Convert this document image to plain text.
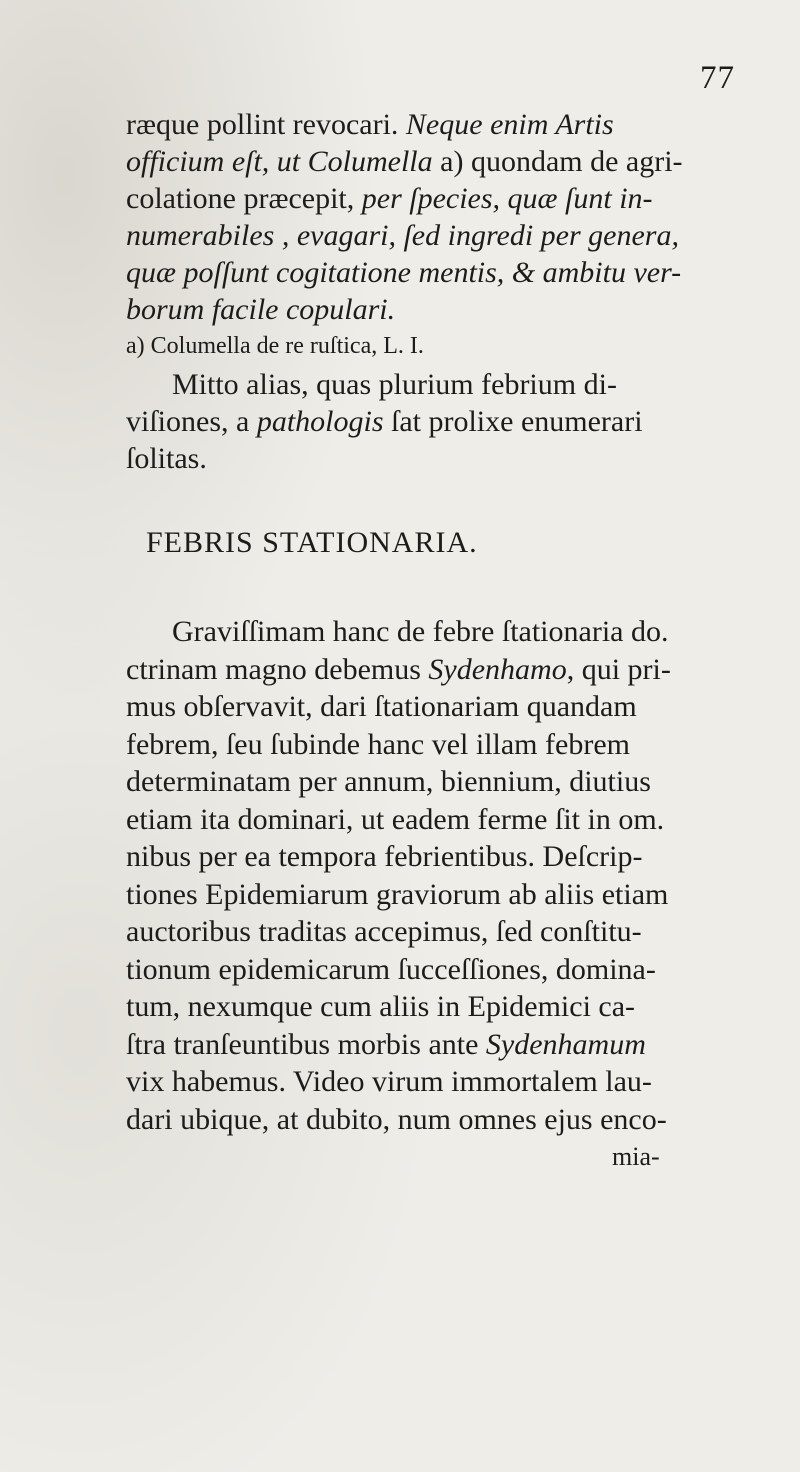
77
ræque pollint revocari. Neque enim Artis
officium eſt, ut Columella a) quondam de agri-
colatione præcepit, per ſpecies, quæ ſunt in-
numerabiles , evagari, ſed ingredi per genera,
quæ poſſunt cogitatione mentis, & ambitu ver-
borum facile copulari.
a) Columella de re ruſtica, L. I.
Mitto alias, quas plurium febrium di-
viſiones, a pathologis ſat prolixe enumerari
ſolitas.
FEBRIS STATIONARIA.
Graviſſimam hanc de febre ſtationaria do.
ctrinam magno debemus Sydenhamo, qui pri-
mus obſervavit, dari ſtationariam quandam
febrem, ſeu ſubinde hanc vel illam febrem
determinatam per annum, biennium, diutius
etiam ita dominari, ut eadem ferme ſit in om.
nibus per ea tempora febrientibus. Deſcrip-
tiones Epidemiarum graviorum ab aliis etiam
auctoribus traditas accepimus, ſed conſtitu-
tionum epidemicarum ſucceſſiones, domina-
tum, nexumque cum aliis in Epidemici ca-
ſtra tranſeuntibus morbis ante Sydenhamum
vix habemus. Video virum immortalem lau-
dari ubique, at dubito, num omnes ejus enco-
mia-
